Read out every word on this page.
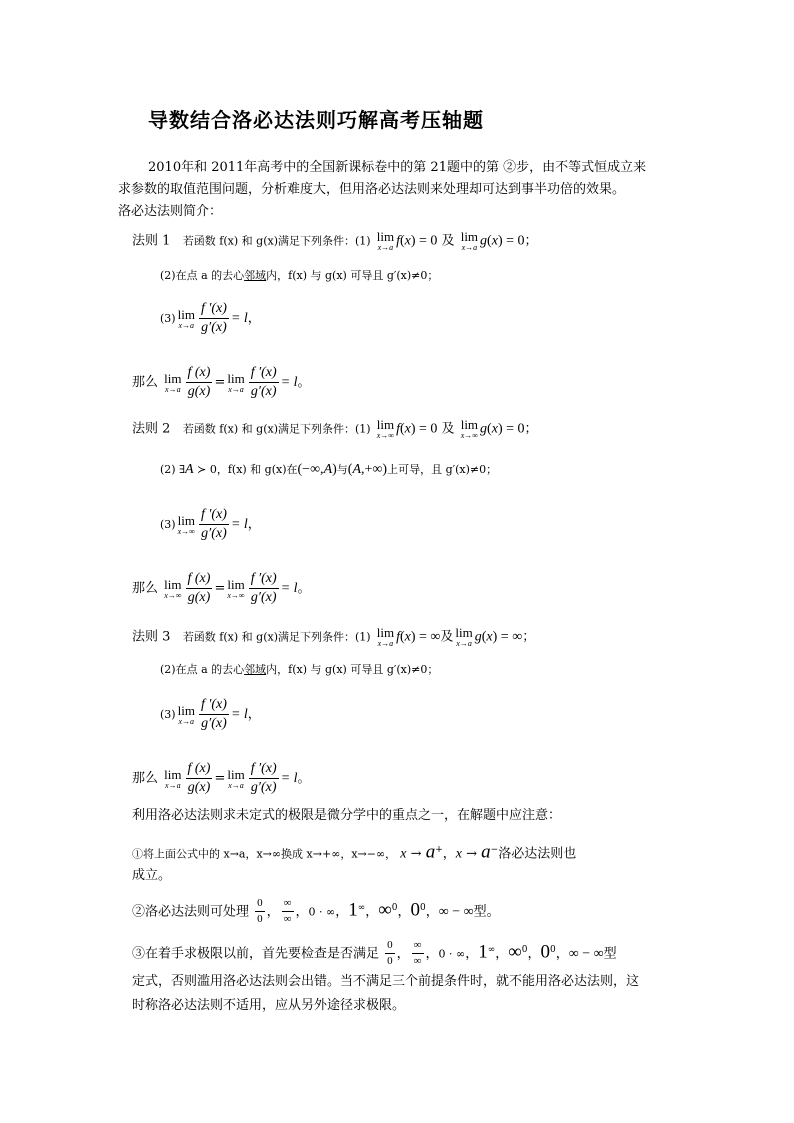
导数结合洛必达法则巧解高考压轴题
2010年和 2011年高考中的全国新课标卷中的第 21题中的第 ②步，由不等式恒成立来
求参数的取值范围问题，分析难度大，但用洛必达法则来处理却可达到事半功倍的效果。
洛必达法则简介：
法则 1 若函数 f(x) 和 g(x)满足下列条件：(1) lim
x→a f(x) = 0 及 lim
x→a g(x) = 0；
(2)在点 a 的去心邻域内，f(x) 与 g(x) 可导且 g′(x)≠0；
(3) lim
$x\to a \frac{f '(x)}{g'(x)} = l$，
那么 lim
$x\to a \frac{f (x)}{g(x)} = \lim$
$x\to a \frac{f '(x)}{g'(x)} = l$。
法则 2 若函数 f(x) 和 g(x)满足下列条件：(1) lim
x→∞ f(x) = 0 及 lim
x→∞ g(x) = 0；
(2) ∃A ≻ 0，f(x) 和 g(x)在(−∞,A)与(A,+∞)上可导，且 g′(x)≠0；
(3) lim
$x\to\infty \frac{f '(x)}{g'(x)} = l$，
那么 lim
$x\to\infty \frac{f (x)}{g(x)} = \lim$
$x\to\infty \frac{f '(x)}{g'(x)} = l$。
法则 3 若函数 f(x) 和 g(x)满足下列条件：(1) lim
x→a f(x) = ∞及 lim
x→a g(x) = ∞；
(2)在点 a 的去心邻域内，f(x) 与 g(x) 可导且 g′(x)≠0；
(3) lim
$x\to a \frac{f '(x)}{g'(x)} = l$，
那么 lim
$x\to a \frac{f (x)}{g(x)} = \lim$
$x\to a \frac{f '(x)}{g'(x)} = l$。
利用洛必达法则求未定式的极限是微分学中的重点之一，在解题中应注意：
①将上面公式中的 x→a，x→∞换成 x→+∞，x→−∞， x → a+，x → a−洛必达法则也
成立。
②洛必达法则可处理 $\frac{0}{0}$ ， $\frac{\infty}{\infty}$ ，0 · ∞，1∞，∞$^0$，$0^0$，∞ − ∞型。
③在着手求极限以前，首先要检查是否满足 $\frac{0}{0}$ ， $\frac{\infty}{\infty}$ ，0 · ∞，1∞，∞$^0$，$0^0$，∞ − ∞型
定式，否则滥用洛必达法则会出错。当不满足三个前提条件时，就不能用洛必达法则，这
时称洛必达法则不适用，应从另外途径求极限。
